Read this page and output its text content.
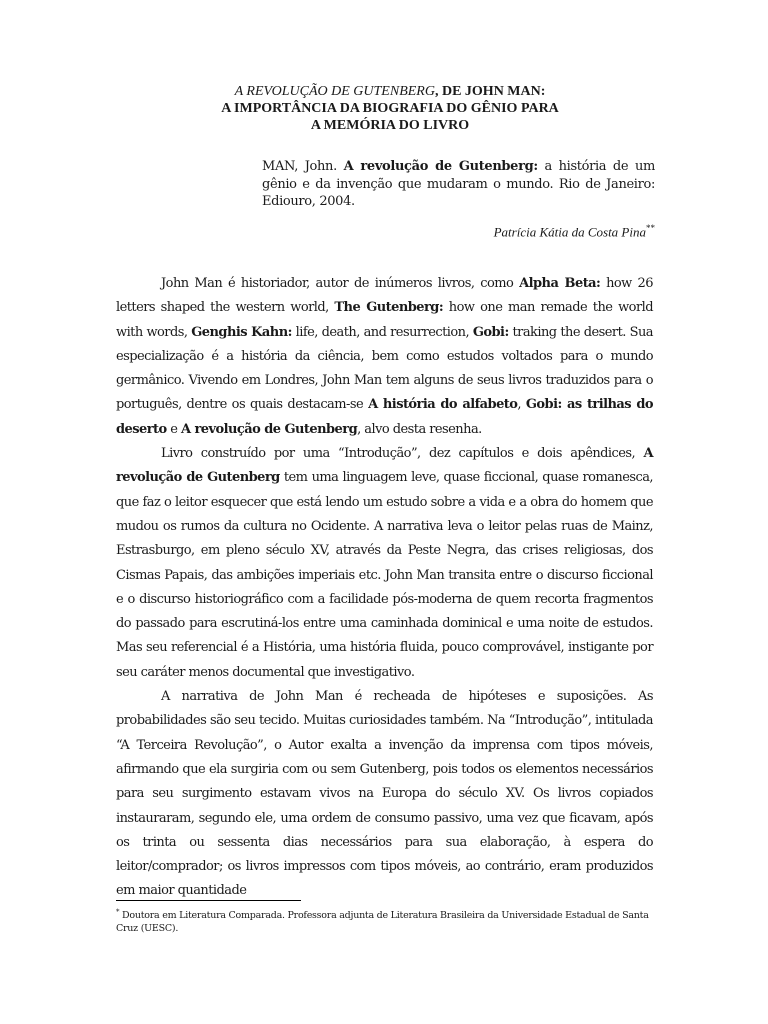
A REVOLUÇÃO DE GUTENBERG, DE JOHN MAN:
A IMPORTÂNCIA DA BIOGRAFIA DO GÊNIO PARA
A MEMÓRIA DO LIVRO
MAN, John. A revolução de Gutenberg: a história de um gênio e da invenção que mudaram o mundo. Rio de Janeiro: Ediouro, 2004.
Patrícia Kátia da Costa Pina**

John Man é historiador, autor de inúmeros livros, como Alpha Beta: how 26 letters shaped the western world, The Gutenberg: how one man remade the world with words, Genghis Kahn: life, death, and resurrection, Gobi: traking the desert. Sua especialização é a história da ciência, bem como estudos voltados para o mundo germânico. Vivendo em Londres, John Man tem alguns de seus livros traduzidos para o português, dentre os quais destacam-se A história do alfabeto, Gobi: as trilhas do deserto e A revolução de Gutenberg, alvo desta resenha.

Livro construído por uma “Introdução”, dez capítulos e dois apêndices, A revolução de Gutenberg tem uma linguagem leve, quase ficcional, quase romanesca, que faz o leitor esquecer que está lendo um estudo sobre a vida e a obra do homem que mudou os rumos da cultura no Ocidente. A narrativa leva o leitor pelas ruas de Mainz, Estrasburgo, em pleno século XV, através da Peste Negra, das crises religiosas, dos Cismas Papais, das ambições imperiais etc. John Man transita entre o discurso ficcional e o discurso historiográfico com a facilidade pós-moderna de quem recorta fragmentos do passado para escrutiná-los entre uma caminhada dominical e uma noite de estudos. Mas seu referencial é a História, uma história fluida, pouco comprovável, instigante por seu caráter menos documental que investigativo.

A narrativa de John Man é recheada de hipóteses e suposições. As probabilidades são seu tecido. Muitas curiosidades também. Na “Introdução”, intitulada “A Terceira Revolução”, o Autor exalta a invenção da imprensa com tipos móveis, afirmando que ela surgiria com ou sem Gutenberg, pois todos os elementos necessários para seu surgimento estavam vivos na Europa do século XV. Os livros copiados instauraram, segundo ele, uma ordem de consumo passivo, uma vez que ficavam, após os trinta ou sessenta dias necessários para sua elaboração, à espera do leitor/comprador; os livros impressos com tipos móveis, ao contrário, eram produzidos em maior quantidade

* Doutora em Literatura Comparada. Professora adjunta de Literatura Brasileira da Universidade Estadual de Santa Cruz (UESC).
